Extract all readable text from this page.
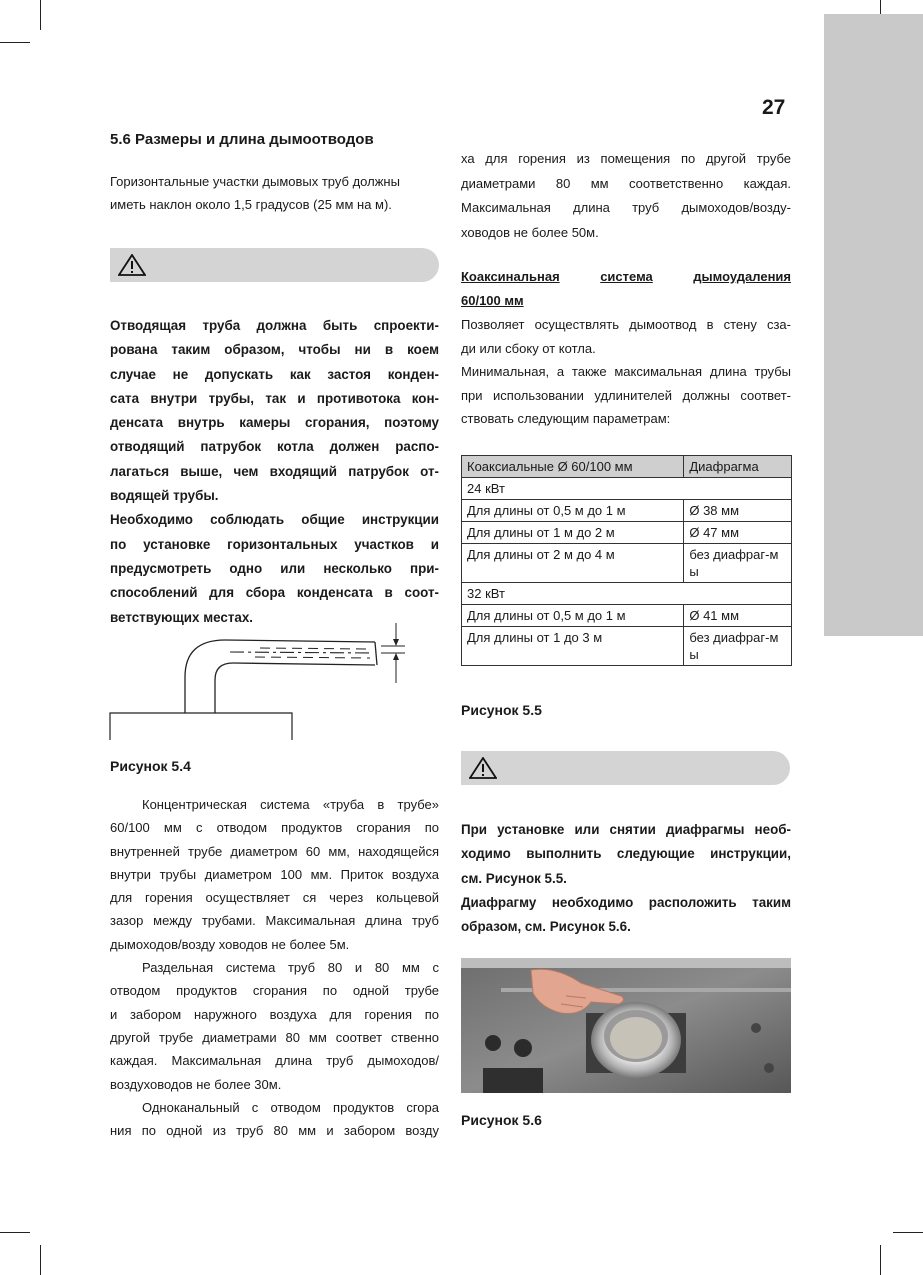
27
5.6 Размеры и длина дымоотводов
Горизонтальные участки дымовых труб должны
иметь наклон около 1,5 градусов (25 мм на м).
Отводящая труба должна быть спроекти-
рована таким образом, чтобы ни в коем
случае не допускать как застоя конден-
сата внутри трубы, так и противотока кон-
денсата внутрь камеры сгорания, поэтому
отводящий патрубок котла должен распо-
лагаться выше, чем входящий патрубок от-
водящей трубы.
Необходимо соблюдать общие инструкции
по установке горизонтальных участков и
предусмотреть одно или несколько при-
способлений для сбора конденсата в соот-
ветствующих местах.
Рисунок 5.4
Концентрическая система «труба в трубе»
60/100 мм с отводом продуктов сгорания по
внутренней трубе диаметром 60 мм, находящейся
внутри трубы диаметром 100 мм. Приток воздуха
для горения осуществляет ся через кольцевой
зазор между трубами. Максимальная длина труб
дымоходов/возду ховодов не более 5м.
Раздельная система труб 80 и 80 мм с
отводом продуктов сгорания по одной трубе
и забором наружного воздуха для горения по
другой трубе диаметрами 80 мм соответ ственно
каждая. Максимальная длина труб дымоходов/
воздуховодов не более 30м.
Одноканальный с отводом продуктов сгора
ния по одной из труб 80 мм и забором возду
ха для горения из помещения по другой трубе
диаметрами 80 мм соответственно каждая.
Максимальная длина труб дымоходов/возду-
ховодов не более 50м.
Коаксинальная	система	дымоудаления
60/100 мм
Позволяет осуществлять дымоотвод в стену сза-
ди или сбоку от котла.
Минимальная, а также максимальная длина трубы
при использовании удлинителей должны соответ-
ствовать следующим параметрам:
Коаксиальные Ø 60/100 мм	Диафрагма
24 кВт	
Для длины от 0,5 м до 1 м	Ø 38 мм
Для длины от 1 м до 2 м	Ø 47 мм
Для длины от 2 м до 4 м	без диафраг-мы
32 кВт	
Для длины от 0,5 м до 1 м	Ø 41 мм
Для длины от 1 до 3 м	без диафраг-мы
Рисунок 5.5
При установке или снятии диафрагмы необ-
ходимо выполнить следующие инструкции,
см. Рисунок 5.5.
Диафрагму необходимо расположить таким
образом, см. Рисунок 5.6.
Рисунок 5.6
